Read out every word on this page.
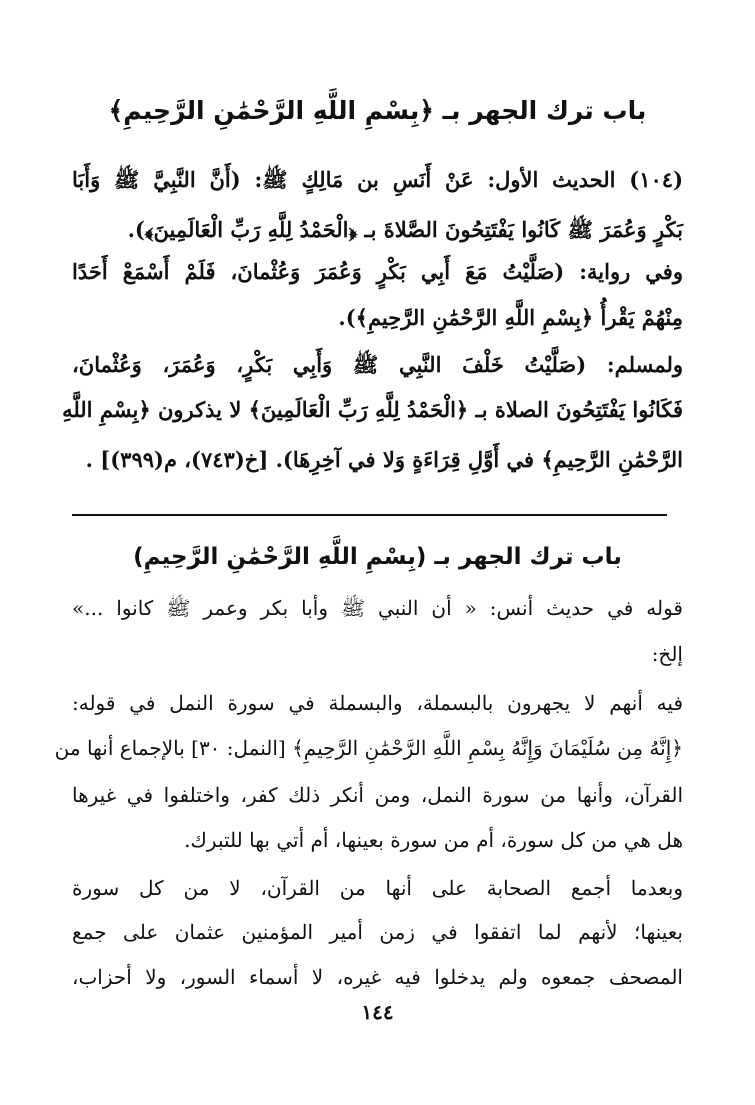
باب ترك الجهر بـ ﴿بِسْمِ اللَّهِ الرَّحْمَٰنِ الرَّحِيمِ﴾
(١٠٤) الحديث الأول: عَنْ أَنَسِ بن مَالِكٍ ﷺ: (أَنَّ النَّبِيَّ ﷺ وَأَبَا
بَكْرٍ وَعُمَرَ ﷺ كَانُوا يَفْتَتِحُونَ الصَّلاةَ بـ ﴿الْحَمْدُ لِلَّهِ رَبِّ الْعَالَمِينَ﴾).
وفي رواية: (صَلَّيْتُ مَعَ أَبِي بَكْرٍ وَعُمَرَ وَعُثْمانَ، فَلَمْ أَسْمَعْ أَحَدًا
مِنْهُمْ يَقْرأُ ﴿بِسْمِ اللَّهِ الرَّحْمَٰنِ الرَّحِيمِ﴾).
ولمسلم: (صَلَّيْتُ خَلْفَ النَّبِي ﷺ وَأَبِي بَكْرٍ، وَعُمَرَ، وَعُثْمانَ،
فَكَانُوا يَفْتَتِحُونَ الصلاة بـ ﴿الْحَمْدُ لِلَّهِ رَبِّ الْعَالَمِينَ﴾ لا يذكرون ﴿بِسْمِ اللَّهِ
الرَّحْمَٰنِ الرَّحِيمِ﴾ في أَوَّلِ قِرَاءَةٍ وَلا في آخِرِهَا). [خ(٧٤٣)، م(٣٩٩)] .
باب ترك الجهر بـ (بِسْمِ اللَّهِ الرَّحْمَٰنِ الرَّحِيمِ)
قوله في حديث أنس: « أن النبي ﷺ وأبا بكر وعمر ﷺ كانوا ...»
إلخ:
فيه أنهم لا يجهرون بالبسملة، والبسملة في سورة النمل في قوله:
﴿إِنَّهُ مِن سُلَيْمَانَ وَإِنَّهُ بِسْمِ اللَّهِ الرَّحْمَٰنِ الرَّحِيمِ﴾ [النمل: ٣٠] بالإجماع أنها من
القرآن، وأنها من سورة النمل، ومن أنكر ذلك كفر، واختلفوا في غيرها
هل هي من كل سورة، أم من سورة بعينها، أم أتي بها للتبرك.
وبعدما أجمع الصحابة على أنها من القرآن، لا من كل سورة
بعينها؛ لأنهم لما اتفقوا في زمن أمير المؤمنين عثمان على جمع
المصحف جمعوه ولم يدخلوا فيه غيره، لا أسماء السور، ولا أحزاب،
١٤٤
